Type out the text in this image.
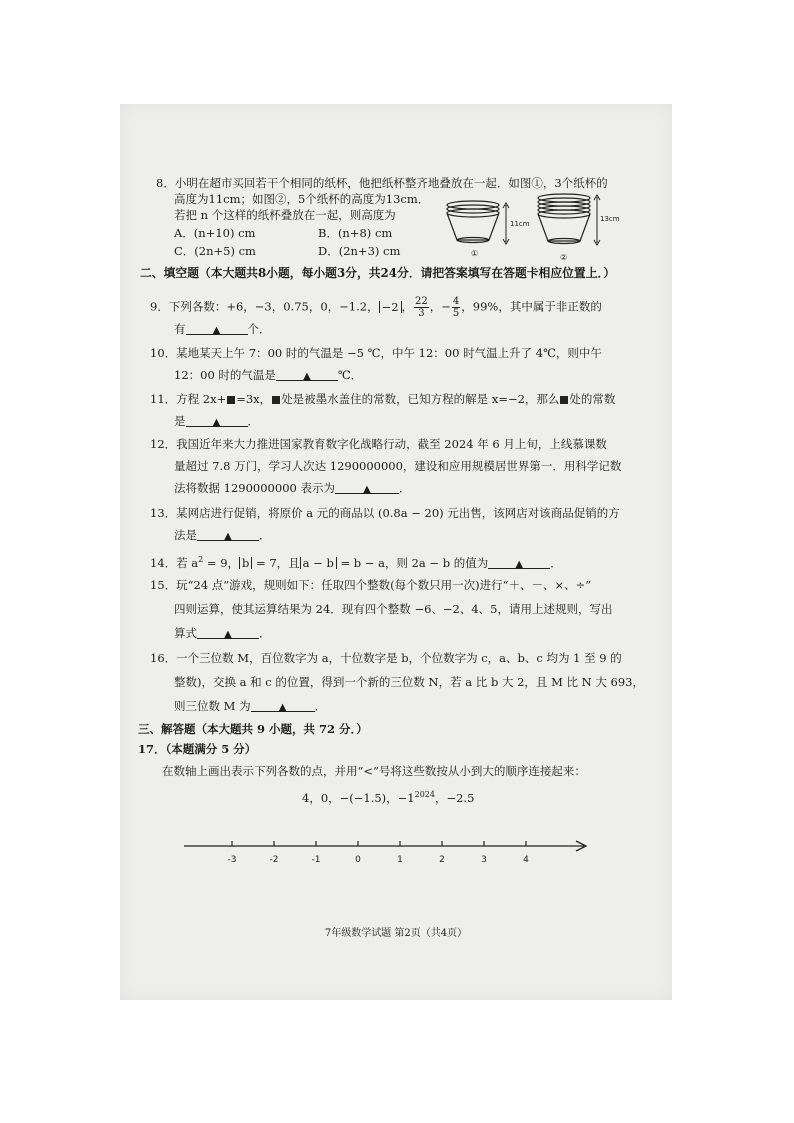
8．小明在超市买回若干个相同的纸杯，他把纸杯整齐地叠放在一起．如图①，3个纸杯的
高度为11cm；如图②，5个纸杯的高度为13cm．
若把 n 个这样的纸杯叠放在一起，则高度为
A．(n+10) cm	B．(n+8) cm
C．(2n+5) cm	D．(2n+3) cm
11cm
①
13cm
②
二、填空题（本大题共8小题，每小题3分，共24分．请把答案填写在答题卡相应位置上．）
9．下列各数：+6，−3，0.75，0，−1.2， −2 ， $\frac{22}{3}$ ，− $\frac{4}{5}$ ，99%，其中属于非正数的
有	▲ 个．
10．某地某天上午 7：00 时的气温是 −5 ℃，中午 12：00 时气温上升了 4℃，则中午
12：00 时的气温是	▲ ℃．
11．方程 2x+ =3x， 处是被墨水盖住的常数，已知方程的解是 x=−2，那么 处的常数
是	▲ ．
12．我国近年来大力推进国家教育数字化战略行动，截至 2024 年 6 月上旬，上线慕课数
量超过 7.8 万门，学习人次达 1290000000，建设和应用规模居世界第一．用科学记数
法将数据 1290000000 表示为	▲ ．
13．某网店进行促销，将原价 a 元的商品以 (0.8a − 20) 元出售，该网店对该商品促销的方
法是	▲ ．
14．若 $a^2 = 9$， b = 7，且 a − b = b − a，则 2a − b 的值为	▲ ．
15．玩“24 点”游戏，规则如下：任取四个整数(每个数只用一次)进行“＋、－、×、÷”
四则运算，使其运算结果为 24．现有四个整数 −6、−2、4、5，请用上述规则，写出
算式	▲ ．
16．一个三位数 M，百位数字为 a，十位数字是 b，个位数字为 c，a、b、c 均为 1 至 9 的
整数)，交换 a 和 c 的位置，得到一个新的三位数 N，若 a 比 b 大 2，且 M 比 N 大 693，
则三位数 M 为	▲ ．
三、解答题（本大题共 9 小题，共 72 分．）
17．（本题满分 5 分）
在数轴上画出表示下列各数的点，并用“<”号将这些数按从小到大的顺序连接起来：
4，0，−(−1.5)，$-1^{2024}$，−2.5
-3	-2	-1	0	1	2	3	4
7年级数学试题 第2页（共4页）
